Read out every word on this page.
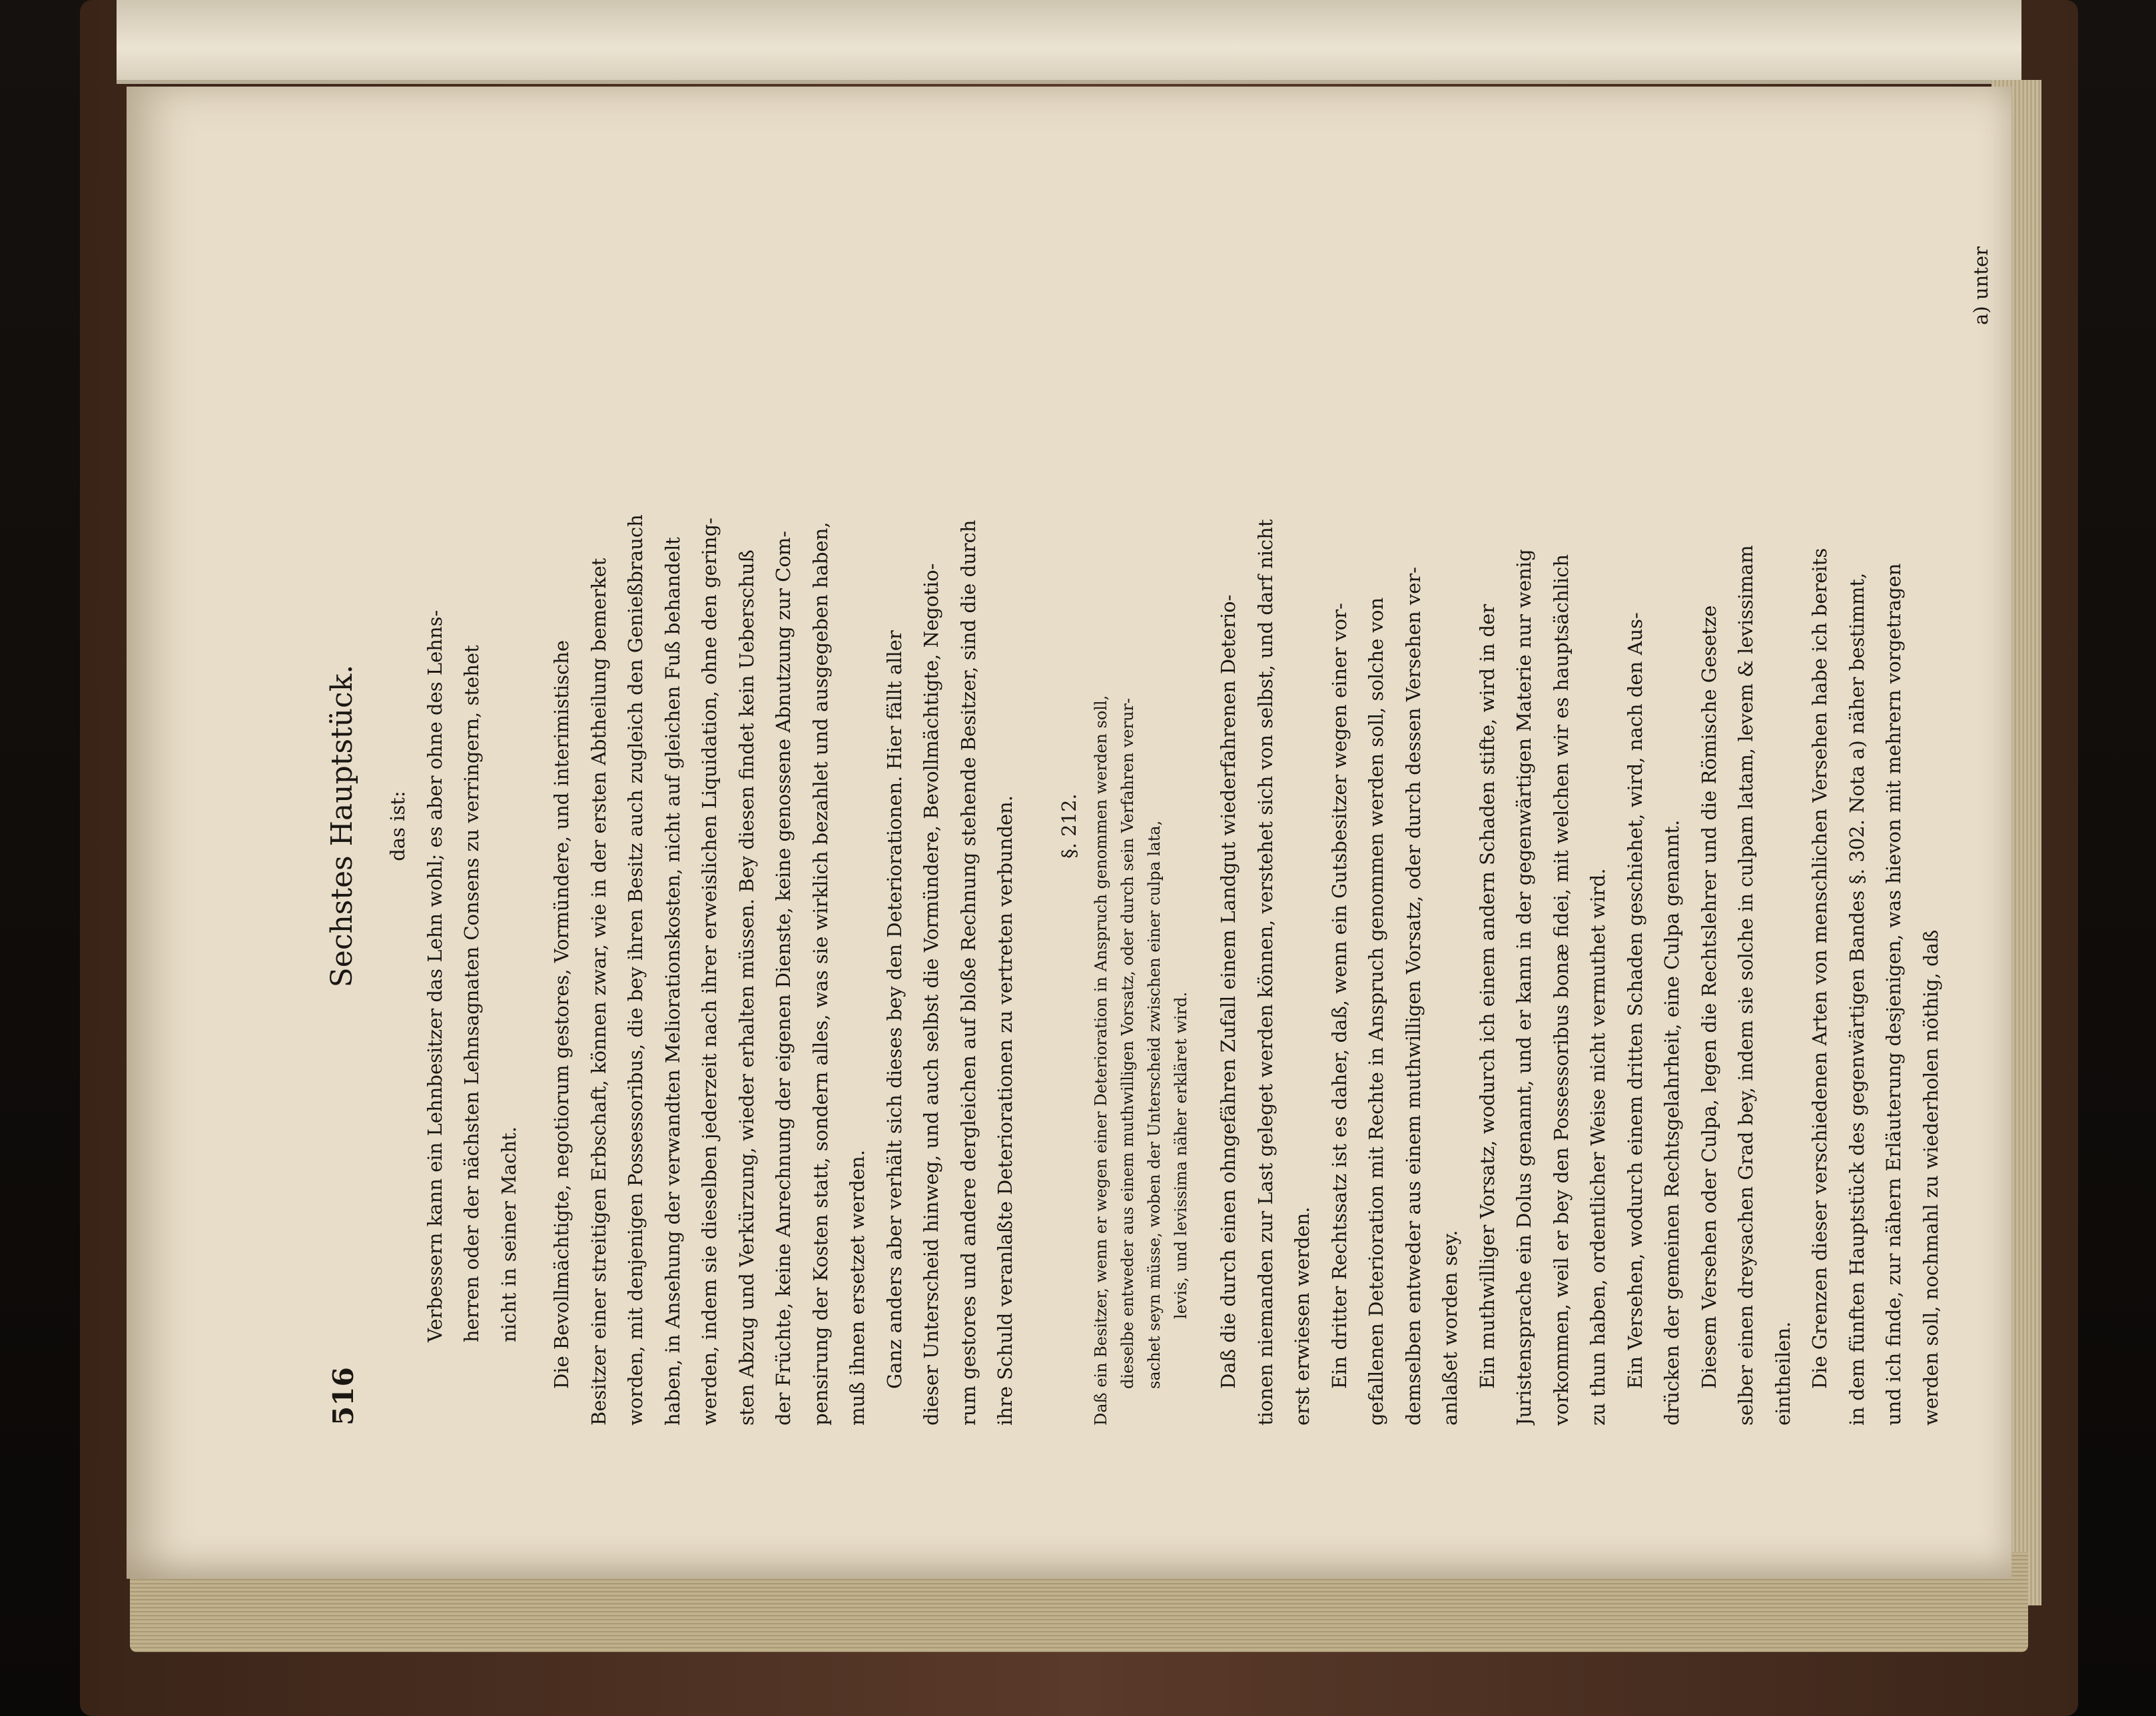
516
Sechstes Hauptstück.	das ist: Verbessern kann ein Lehnbesitzer das Lehn wohl; es aber ohne des Lehns- herren oder der nächsten Lehnsagnaten Consens zu verringern, stehet nicht in seiner Macht.	Die Bevollmächtigte, negotiorum gestores, Vormündere, und interimistische Besitzer einer streitigen Erbschaft, können zwar, wie in der ersten Abtheilung bemerket worden, mit denjenigen Possessoribus, die bey ihren Besitz auch zugleich den Genießbrauch haben, in Ansehung der verwandten Meliorationskosten, nicht auf gleichen Fuß behandelt werden, indem sie dieselben jederzeit nach ihrer erweislichen Liquidation, ohne den gering- sten Abzug und Verkürzung, wieder erhalten müssen. Bey diesen findet kein Ueberschuß der Früchte, keine Anrechnung der eigenen Dienste, keine genossene Abnutzung zur Com- pensirung der Kosten statt, sondern alles, was sie wirklich bezahlet und ausgegeben haben, muß ihnen ersetzet werden. Ganz anders aber verhält sich dieses bey den Deteriorationen. Hier fällt aller dieser Unterscheid hinweg, und auch selbst die Vormündere, Bevollmächtigte, Negotio- rum gestores und andere dergleichen auf bloße Rechnung stehende Besitzer, sind die durch ihre Schuld veranlaßte Deteriorationen zu vertreten verbunden.	§. 212. Daß ein Besitzer, wenn er wegen einer Deterioration in Anspruch genommen werden soll, dieselbe entweder aus einem muthwilligen Vorsatz, oder durch sein Verfahren verur- sachet seyn müsse, woben der Unterscheid zwischen einer culpa lata, levis, und levissima näher erkläret wird.	Daß die durch einen ohngefähren Zufall einem Landgut wiederfahrenen Deterio- tionen niemanden zur Last geleget werden können, verstehet sich von selbst, und darf nicht erst erwiesen werden. Ein dritter Rechtssatz ist es daher, daß, wenn ein Gutsbesitzer wegen einer vor- gefallenen Deterioration mit Rechte in Anspruch genommen werden soll, solche von demselben entweder aus einem muthwilligen Vorsatz, oder durch dessen Versehen ver- anlaßet worden sey. Ein muthwilliger Vorsatz, wodurch ich einem andern Schaden stifte, wird in der Juristensprache ein Dolus genannt, und er kann in der gegenwärtigen Materie nur wenig vorkommen, weil er bey den Possessoribus bonæ fidei, mit welchen wir es hauptsächlich zu thun haben, ordentlicher Weise nicht vermuthet wird. Ein Versehen, wodurch einem dritten Schaden geschiehet, wird, nach den Aus- drücken der gemeinen Rechtsgelahrheit, eine Culpa genannt. Diesem Versehen oder Culpa, legen die Rechtslehrer und die Römische Gesetze selber einen dreysachen Grad bey, indem sie solche in culpam latam, levem & levissimam eintheilen. Die Grenzen dieser verschiedenen Arten von menschlichen Versehen habe ich bereits in dem fünften Hauptstück des gegenwärtigen Bandes §. 302. Nota a) näher bestimmt, und ich finde, zur nähern Erläuterung desjenigen, was hievon mit mehrern vorgetragen werden soll, nochmahl zu wiederholen nöthig, daß

a) unter
